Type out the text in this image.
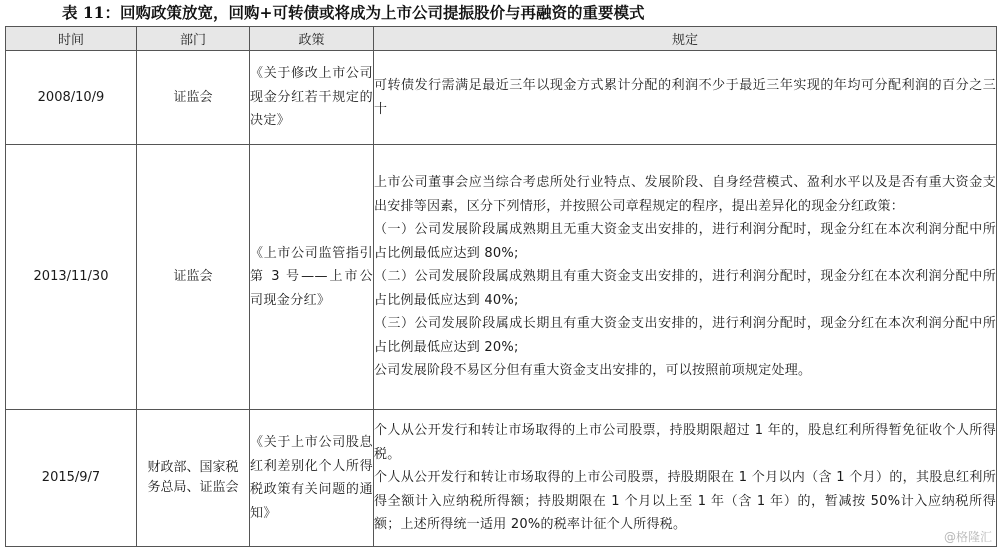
表 11：回购政策放宽，回购+可转债或将成为上市公司提振股价与再融资的重要模式
时间	部门	政策	规定
2008/10/9	证监会	《关于修改上市公司现金分红若干规定的决定》	可转债发行需满足最近三年以现金方式累计分配的利润不少于最近三年实现的年均可分配利润的百分之三十

2013/11/30	证监会	《上市公司监管指引第 3 号——上市公司现金分红》	上市公司董事会应当综合考虑所处行业特点、发展阶段、自身经营模式、盈利水平以及是否有重大资金支出安排等因素，区分下列情形，并按照公司章程规定的程序，提出差异化的现金分红政策：
（一）公司发展阶段属成熟期且无重大资金支出安排的，进行利润分配时，现金分红在本次利润分配中所占比例最低应达到 80%;
（二）公司发展阶段属成熟期且有重大资金支出安排的，进行利润分配时，现金分红在本次利润分配中所占比例最低应达到 40%;
（三）公司发展阶段属成长期且有重大资金支出安排的，进行利润分配时，现金分红在本次利润分配中所占比例最低应达到 20%;
公司发展阶段不易区分但有重大资金支出安排的，可以按照前项规定处理。

2015/9/7	财政部、国家税务总局、证监会	《关于上市公司股息红利差别化个人所得税政策有关问题的通知》	个人从公开发行和转让市场取得的上市公司股票，持股期限超过 1 年的，股息红利所得暂免征收个人所得税。
个人从公开发行和转让市场取得的上市公司股票，持股期限在 1 个月以内（含 1 个月）的，其股息红利所得全额计入应纳税所得额；持股期限在 1 个月以上至 1 年（含 1 年）的，暂减按 50%计入应纳税所得额；上述所得统一适用 20%的税率计征个人所得税。
@格隆汇
